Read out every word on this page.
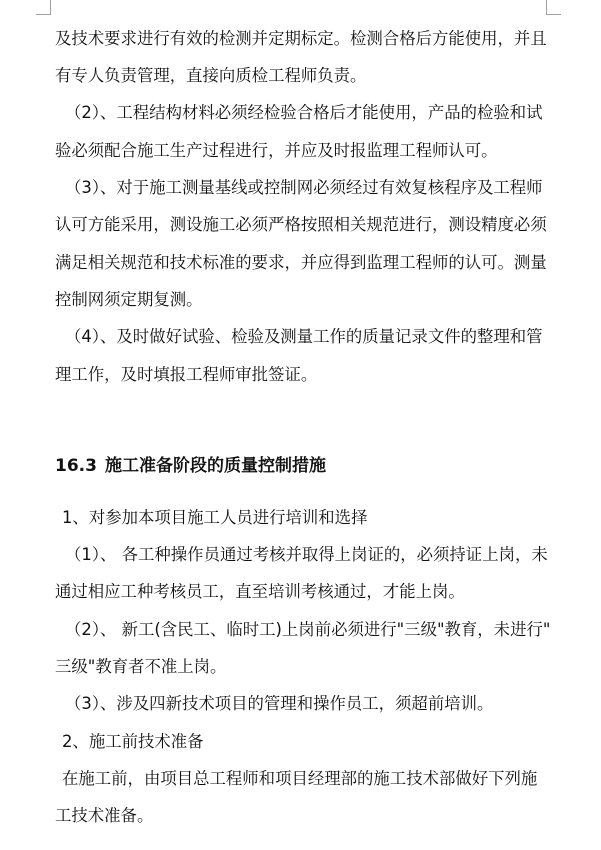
及技术要求进行有效的检测并定期标定。检测合格后方能使用，并且
有专人负责管理，直接向质检工程师负责。
（2）、工程结构材料必须经检验合格后才能使用，产品的检验和试
验必须配合施工生产过程进行，并应及时报监理工程师认可。
（3）、对于施工测量基线或控制网必须经过有效复核程序及工程师
认可方能采用，测设施工必须严格按照相关规范进行，测设精度必须
满足相关规范和技术标准的要求，并应得到监理工程师的认可。测量
控制网须定期复测。
（4）、及时做好试验、检验及测量工作的质量记录文件的整理和管
理工作，及时填报工程师审批签证。
16.3 施工准备阶段的质量控制措施
1、对参加本项目施工人员进行培训和选择
（1）、 各工种操作员通过考核并取得上岗证的，必须持证上岗，未
通过相应工种考核员工，直至培训考核通过，才能上岗。
（2）、 新工(含民工、临时工)上岗前必须进行"三级"教育，未进行"
三级"教育者不准上岗。
（3）、涉及四新技术项目的管理和操作员工，须超前培训。
2、施工前技术准备
在施工前，由项目总工程师和项目经理部的施工技术部做好下列施
工技术准备。
